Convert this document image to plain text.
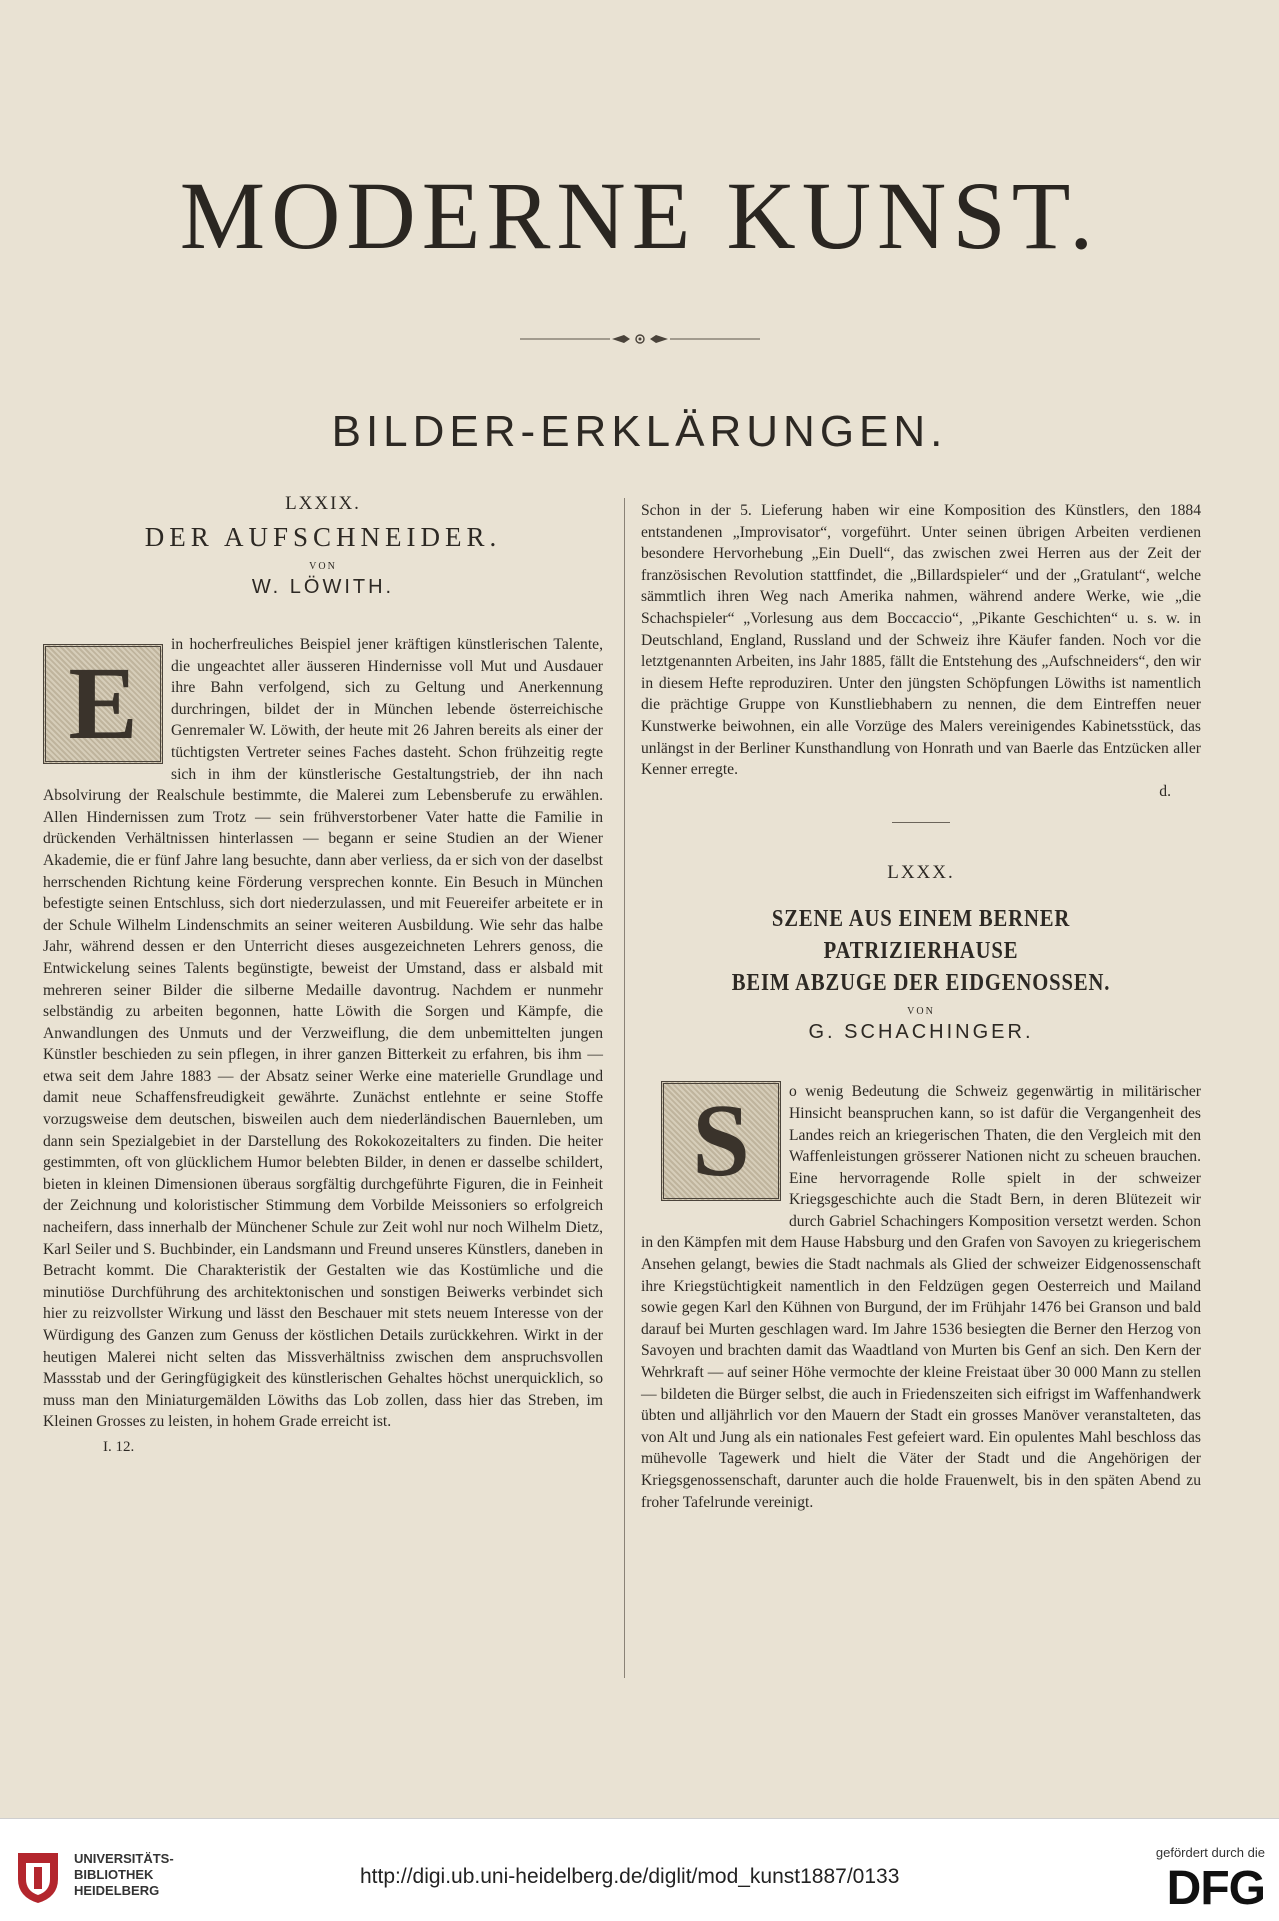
MODERNE KUNST.
BILDER-ERKLÄRUNGEN.
LXXIX.
DER AUFSCHNEIDER.
VON
W. LÖWITH.

E
in hocherfreuliches Beispiel jener kräftigen künstlerischen Talente, die ungeachtet aller äusseren Hindernisse voll Mut und Ausdauer ihre Bahn verfolgend, sich zu Geltung und Anerkennung durchringen, bildet der in München lebende österreichische Genremaler W. Löwith, der heute mit 26 Jahren bereits als einer der tüchtigsten Vertreter seines Faches dasteht. Schon frühzeitig regte sich in ihm der künstlerische Gestaltungstrieb, der ihn nach Absolvirung der Realschule bestimmte, die Malerei zum Lebensberufe zu erwählen. Allen Hindernissen zum Trotz — sein frühverstorbener Vater hatte die Familie in drückenden Verhältnissen hinterlassen — begann er seine Studien an der Wiener Akademie, die er fünf Jahre lang besuchte, dann aber verliess, da er sich von der daselbst herrschenden Richtung keine Förderung versprechen konnte. Ein Besuch in München befestigte seinen Entschluss, sich dort niederzulassen, und mit Feuereifer arbeitete er in der Schule Wilhelm Lindenschmits an seiner weiteren Ausbildung. Wie sehr das halbe Jahr, während dessen er den Unterricht dieses ausgezeichneten Lehrers genoss, die Entwickelung seines Talents begünstigte, beweist der Umstand, dass er alsbald mit mehreren seiner Bilder die silberne Medaille davontrug. Nachdem er nunmehr selbständig zu arbeiten begonnen, hatte Löwith die Sorgen und Kämpfe, die Anwandlungen des Unmuts und der Verzweiflung, die dem unbemittelten jungen Künstler beschieden zu sein pflegen, in ihrer ganzen Bitterkeit zu erfahren, bis ihm — etwa seit dem Jahre 1883 — der Absatz seiner Werke eine materielle Grundlage und damit neue Schaffensfreudigkeit gewährte. Zunächst entlehnte er seine Stoffe vorzugsweise dem deutschen, bisweilen auch dem niederländischen Bauernleben, um dann sein Spezialgebiet in der Darstellung des Rokokozeitalters zu finden. Die heiter gestimmten, oft von glücklichem Humor belebten Bilder, in denen er dasselbe schildert, bieten in kleinen Dimensionen überaus sorgfältig durchgeführte Figuren, die in Feinheit der Zeichnung und koloristischer Stimmung dem Vorbilde Meissoniers so erfolgreich nacheifern, dass innerhalb der Münchener Schule zur Zeit wohl nur noch Wilhelm Dietz, Karl Seiler und S. Buchbinder, ein Landsmann und Freund unseres Künstlers, daneben in Betracht kommt. Die Charakteristik der Gestalten wie das Kostümliche und die minutiöse Durchführung des architektonischen und sonstigen Beiwerks verbindet sich hier zu reizvollster Wirkung und lässt den Beschauer mit stets neuem Interesse von der Würdigung des Ganzen zum Genuss der köstlichen Details zurückkehren. Wirkt in der heutigen Malerei nicht selten das Missverhältniss zwischen dem anspruchsvollen Massstab und der Geringfügigkeit des künstlerischen Gehaltes höchst unerquicklich, so muss man den Miniaturgemälden Löwiths das Lob zollen, dass hier das Streben, im Kleinen Grosses zu leisten, in hohem Grade erreicht ist.

I. 12.

Schon in der 5. Lieferung haben wir eine Komposition des Künstlers, den 1884 entstandenen „Improvisator“, vorgeführt. Unter seinen übrigen Arbeiten verdienen besondere Hervorhebung „Ein Duell“, das zwischen zwei Herren aus der Zeit der französischen Revolution stattfindet, die „Billardspieler“ und der „Gratulant“, welche sämmtlich ihren Weg nach Amerika nahmen, während andere Werke, wie „die Schachspieler“ „Vorlesung aus dem Boccaccio“, „Pikante Geschichten“ u. s. w. in Deutschland, England, Russland und der Schweiz ihre Käufer fanden. Noch vor die letztgenannten Arbeiten, ins Jahr 1885, fällt die Entstehung des „Aufschneiders“, den wir in diesem Hefte reproduziren. Unter den jüngsten Schöpfungen Löwiths ist namentlich die prächtige Gruppe von Kunstliebhabern zu nennen, die dem Eintreffen neuer Kunstwerke beiwohnen, ein alle Vorzüge des Malers vereinigendes Kabinetsstück, das unlängst in der Berliner Kunsthandlung von Honrath und van Baerle das Entzücken aller Kenner erregte.

d.
LXXX.
SZENE AUS EINEM BERNER PATRIZIERHAUSE
BEIM ABZUGE DER EIDGENOSSEN.
VON
G. SCHACHINGER.

S	o wenig Bedeutung die Schweiz gegenwärtig in militärischer Hinsicht beanspruchen kann, so ist dafür die Vergangenheit des Landes reich an kriegerischen Thaten, die den Vergleich mit den Waffenleistungen grösserer Nationen nicht zu scheuen brauchen. Eine hervorragende Rolle spielt in der schweizer Kriegsgeschichte auch die Stadt Bern, in deren Blütezeit wir durch Gabriel Schachingers Komposition versetzt werden. Schon in den Kämpfen mit dem Hause Habsburg und den Grafen von Savoyen zu kriegerischem Ansehen gelangt, bewies die Stadt nachmals als Glied der schweizer Eidgenossenschaft ihre Kriegstüchtigkeit namentlich in den Feldzügen gegen Oesterreich und Mailand sowie gegen Karl den Kühnen von Burgund, der im Frühjahr 1476 bei Granson und bald darauf bei Murten geschlagen ward. Im Jahre 1536 besiegten die Berner den Herzog von Savoyen und brachten damit das Waadtland von Murten bis Genf an sich. Den Kern der Wehrkraft — auf seiner Höhe vermochte der kleine Freistaat über 30 000 Mann zu stellen — bildeten die Bürger selbst, die auch in Friedenszeiten sich eifrigst im Waffenhandwerk übten und alljährlich vor den Mauern der Stadt ein grosses Manöver veranstalteten, das von Alt und Jung als ein nationales Fest gefeiert ward. Ein opulentes Mahl beschloss das mühevolle Tagewerk und hielt die Väter der Stadt und die Angehörigen der Kriegsgenossenschaft, darunter auch die holde Frauenwelt, bis in den späten Abend zu froher Tafelrunde vereinigt.

UNIVERSITÄTS-
BIBLIOTHEK
HEIDELBERG
http://digi.ub.uni-heidelberg.de/diglit/mod_kunst1887/0133
gefördert durch die
DFG
